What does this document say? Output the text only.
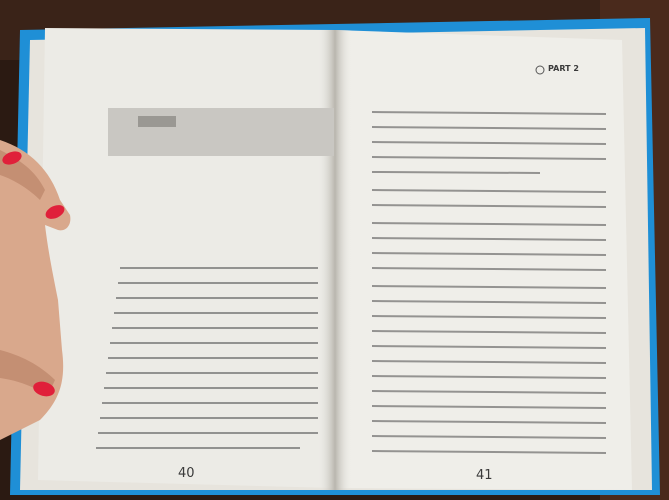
40
PART 2
41
